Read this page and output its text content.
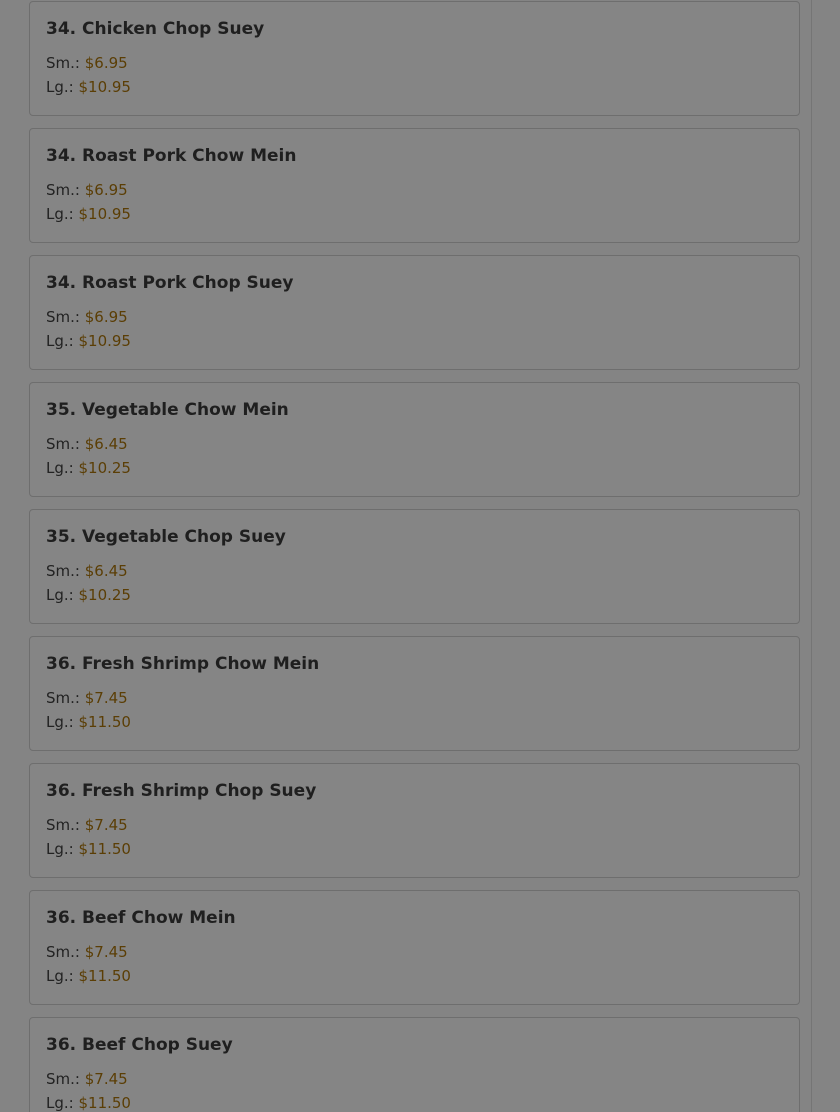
34. Chicken Chop Suey
Sm.: $6.95
Lg.: $10.95
34. Roast Pork Chow Mein
Sm.: $6.95
Lg.: $10.95
34. Roast Pork Chop Suey
Sm.: $6.95
Lg.: $10.95
35. Vegetable Chow Mein
Sm.: $6.45
Lg.: $10.25
35. Vegetable Chop Suey
Sm.: $6.45
Lg.: $10.25
36. Fresh Shrimp Chow Mein
Sm.: $7.45
Lg.: $11.50
36. Fresh Shrimp Chop Suey
Sm.: $7.45
Lg.: $11.50
36. Beef Chow Mein
Sm.: $7.45
Lg.: $11.50
36. Beef Chop Suey
Sm.: $7.45
Lg.: $11.50
